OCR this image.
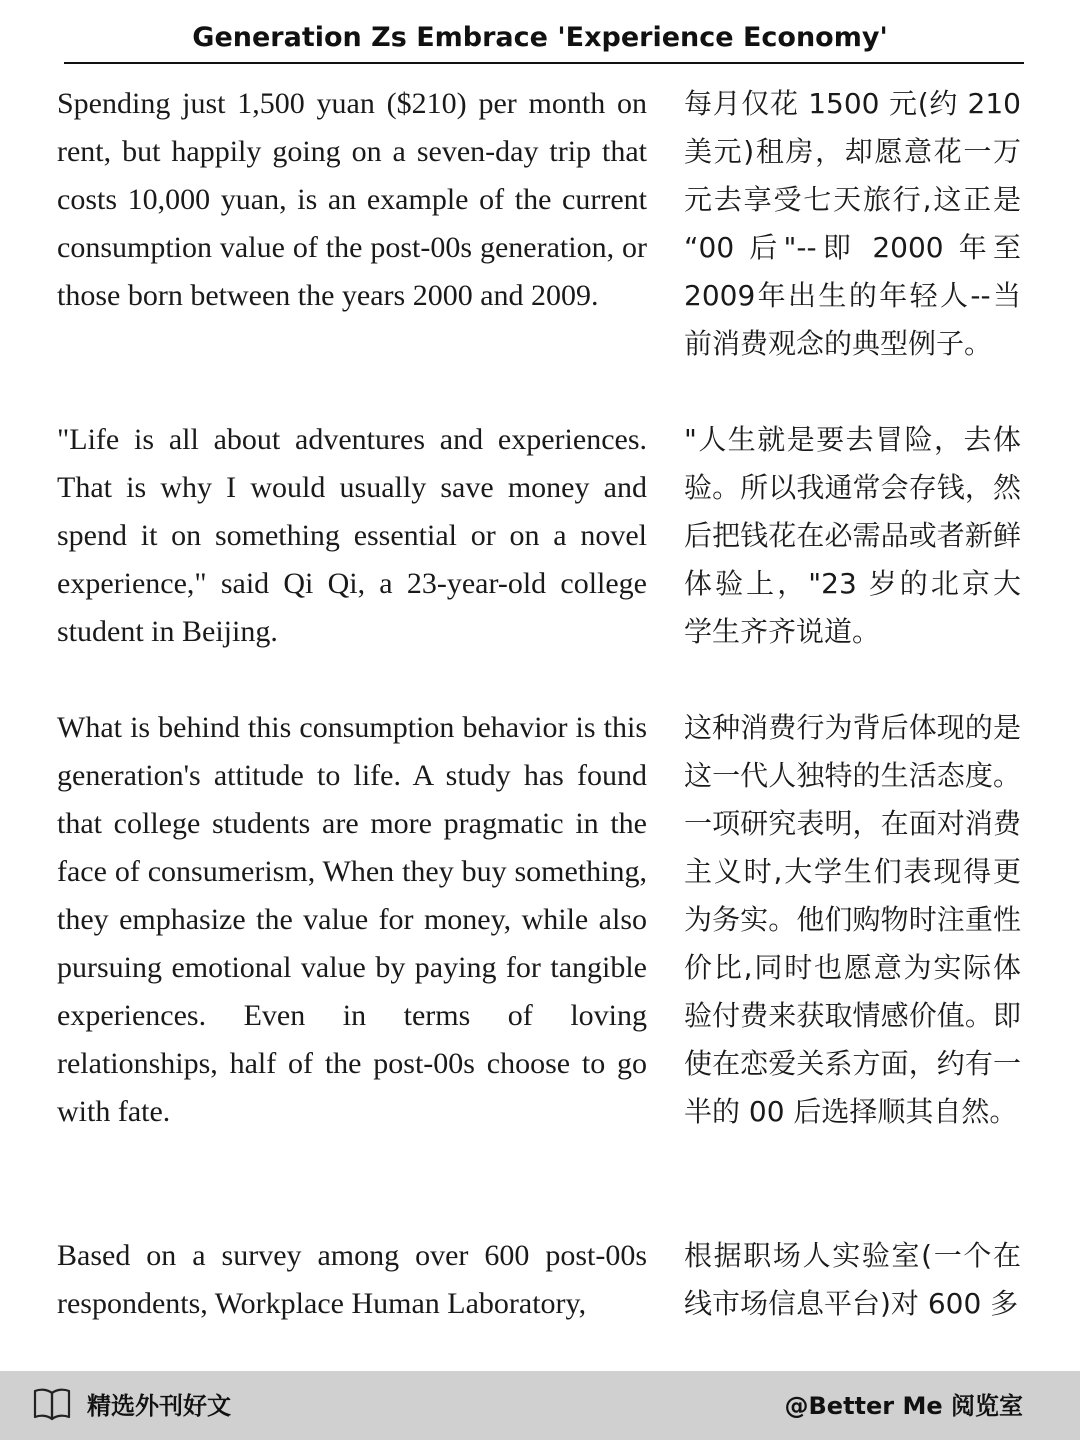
Generation Zs Embrace 'Experience Economy'

Spending just 1,500 yuan ($210) per month on rent, but happily going on a seven-day trip that costs 10,000 yuan, is an example of the current consumption value of the post-00s generation, or those born between the years 2000 and 2009.

每月仅花 1500 元(约 210 美元)租房，却愿意花一万元去享受七天旅行,这正是 “00 后"--即 2000 年至2009年出生的年轻人--当前消费观念的典型例子。

"Life is all about adventures and experiences. That is why I would usually save money and spend it on something essential or on a novel experience," said Qi Qi, a 23-year-old college student in Beijing.

"人生就是要去冒险，去体验。所以我通常会存钱，然后把钱花在必需品或者新鲜体验上，"23 岁的北京大学生齐齐说道。

What is behind this consumption behavior is this generation's attitude to life. A study has found that college students are more pragmatic in the face of consumerism, When they buy something, they emphasize the value for money, while also pursuing emotional value by paying for tangible experiences. Even in terms of loving relationships, half of the post-00s choose to go with fate.

这种消费行为背后体现的是这一代人独特的生活态度。一项研究表明，在面对消费主义时,大学生们表现得更为务实。他们购物时注重性价比,同时也愿意为实际体验付费来获取情感价值。即使在恋爱关系方面，约有一半的 00 后选择顺其自然。

Based on a survey among over 600 post-00s respondents, Workplace Human Laboratory,

根据职场人实验室(一个在线市场信息平台)对 600 多

精选外刊好文	@Better Me 阅览室
